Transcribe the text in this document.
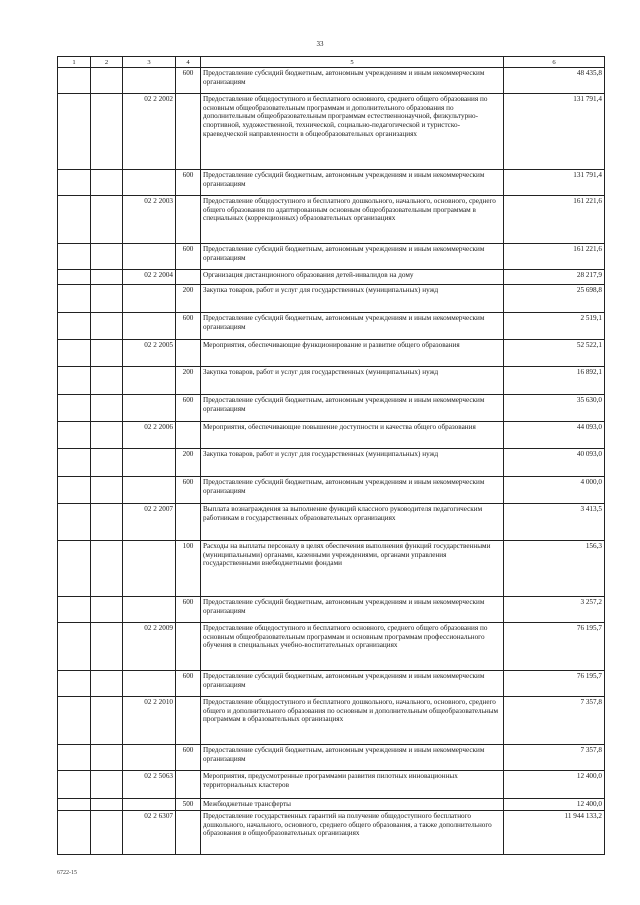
33
1	2	3	4	5	6

			600	Предоставление субсидий бюджетным, автономным учреждениям и иным некоммерческим организациям	48 435,8
		02 2 2002		Предоставление общедоступного и бесплатного основного, среднего общего образования по основным общеобразовательным программам и дополнительного образования по дополнительным общеобразовательным программам естественнонаучной, физкультурно-спортивной, художественной, технической, социально-педагогической и туристско-краеведческой направленности в общеобразовательных организациях	131 791,4
			600	Предоставление субсидий бюджетным, автономным учреждениям и иным некоммерческим организациям	131 791,4
		02 2 2003		Предоставление общедоступного и бесплатного дошкольного, начального, основного, среднего общего образования по адаптированным основным общеобразовательным программам в специальных (коррекционных) образовательных организациях	161 221,6
			600	Предоставление субсидий бюджетным, автономным учреждениям и иным некоммерческим организациям	161 221,6
		02 2 2004		Организация дистанционного образования детей-инвалидов на дому	28 217,9
			200	Закупка товаров, работ и услуг для государственных (муниципальных) нужд	25 698,8
			600	Предоставление субсидий бюджетным, автономным учреждениям и иным некоммерческим организациям	2 519,1
		02 2 2005		Мероприятия, обеспечивающие функционирование и развитие общего образования	52 522,1
			200	Закупка товаров, работ и услуг для государственных (муниципальных) нужд	16 892,1
			600	Предоставление субсидий бюджетным, автономным учреждениям и иным некоммерческим организациям	35 630,0
		02 2 2006		Мероприятия, обеспечивающие повышение доступности и качества общего образования	44 093,0
			200	Закупка товаров, работ и услуг для государственных (муниципальных) нужд	40 093,0
			600	Предоставление субсидий бюджетным, автономным учреждениям и иным некоммерческим организациям	4 000,0
		02 2 2007		Выплата вознаграждения за выполнение функций классного руководителя педагогическим работникам в государственных образовательных организациях	3 413,5
			100	Расходы на выплаты персоналу в целях обеспечения выполнения функций государственными (муниципальными) органами, казенными учреждениями, органами управления государственными внебюджетными фондами	156,3
			600	Предоставление субсидий бюджетным, автономным учреждениям и иным некоммерческим организациям	3 257,2
		02 2 2009		Предоставление общедоступного и бесплатного основного, среднего общего образования по основным общеобразовательным программам и основным программам профессионального обучения в специальных учебно-воспитательных организациях	76 195,7
			600	Предоставление субсидий бюджетным, автономным учреждениям и иным некоммерческим организациям	76 195,7
		02 2 2010		Предоставление общедоступного и бесплатного дошкольного, начального, основного, среднего общего и дополнительного образования по основным и дополнительным общеобразовательным программам в образовательных организациях	7 357,8
			600	Предоставление субсидий бюджетным, автономным учреждениям и иным некоммерческим организациям	7 357,8
		02 2 5063		Мероприятия, предусмотренные программами развития пилотных инновационных территориальных кластеров	12 400,0
			500	Межбюджетные трансферты	12 400,0
		02 2 6307		Предоставление государственных гарантий на получение общедоступного бесплатного дошкольного, начального, основного, среднего общего образования, а также дополнительного образования в общеобразовательных организациях	11 944 133,2
6722-15
